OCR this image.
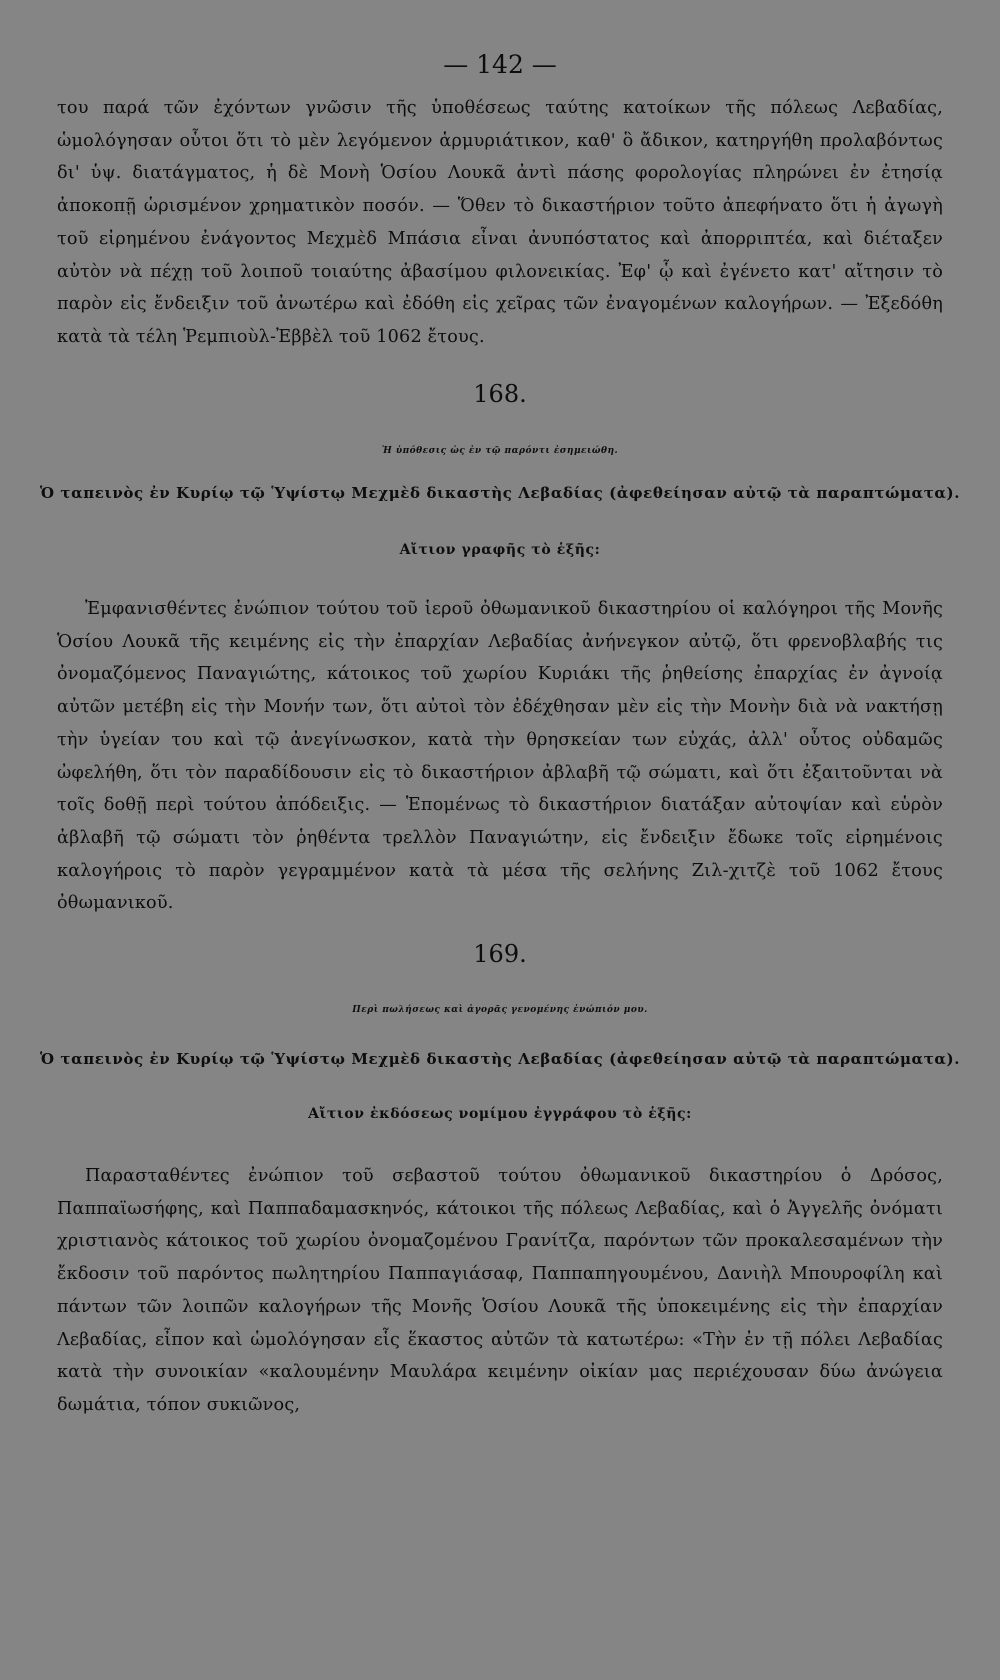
— 142 —

του παρά τῶν ἐχόντων γνῶσιν τῆς ὑποθέσεως ταύτης κατοίκων τῆς πόλεως Λεβαδίας, ὡμολόγησαν οὗτοι ὅτι τὸ μὲν λεγόμενον ἁρμυριάτικον, καθ' ὃ ἄδικον, κατηργήθη προλαβόντως δι' ὑψ. διατάγματος, ἡ δὲ Μονὴ Ὁσίου Λουκᾶ ἀντὶ πάσης φορολογίας πληρώνει ἐν ἐτησίᾳ ἀποκοπῇ ὡρισμένον χρηματικὸν ποσόν. — Ὅθεν τὸ δικαστήριον τοῦτο ἀπεφήνατο ὅτι ἡ ἀγωγὴ τοῦ εἰρημένου ἐνάγοντος Μεχμὲδ Μπάσια εἶναι ἀνυπόστατος καὶ ἀπορριπτέα, καὶ διέταξεν αὐτὸν νὰ πέχῃ τοῦ λοιποῦ τοιαύτης ἀβασίμου φιλονεικίας. Ἐφ' ᾧ καὶ ἐγένετο κατ' αἴτησιν τὸ παρὸν εἰς ἔνδειξιν τοῦ ἀνωτέρω καὶ ἐδόθη εἰς χεῖρας τῶν ἐναγομένων καλογήρων. — Ἐξεδόθη κατὰ τὰ τέλη Ῥεμπιοὺλ-Ἐββὲλ τοῦ 1062 ἔτους.

168.
Ἡ ὑπόθεσις ὡς ἐν τῷ παρόντι ἐσημειώθη.
Ὁ ταπεινὸς ἐν Κυρίῳ τῷ Ὑψίστῳ Μεχμὲδ δικαστὴς Λεβαδίας (ἀφεθείησαν αὐτῷ τὰ παραπτώματα).
Αἴτιον γραφῆς τὸ ἑξῆς:

Ἐμφανισθέντες ἐνώπιον τούτου τοῦ ἱεροῦ ὀθωμανικοῦ δικαστηρίου οἱ καλόγηροι τῆς Μονῆς Ὁσίου Λουκᾶ τῆς κειμένης εἰς τὴν ἐπαρχίαν Λεβαδίας ἀνήνεγκον αὐτῷ, ὅτι φρενοβλαβής τις ὀνομαζόμενος Παναγιώτης, κάτοικος τοῦ χωρίου Κυριάκι τῆς ῥηθείσης ἐπαρχίας ἐν ἀγνοίᾳ αὐτῶν μετέβη εἰς τὴν Μονήν των, ὅτι αὐτοὶ τὸν ἐδέχθησαν μὲν εἰς τὴν Μονὴν διὰ νὰ νακτήσῃ τὴν ὑγείαν του καὶ τῷ ἀνεγίνωσκον, κατὰ τὴν θρησκείαν των εὐχάς, ἀλλ' οὗτος οὐδαμῶς ὠφελήθη, ὅτι τὸν παραδίδουσιν εἰς τὸ δικαστήριον ἀβλαβῆ τῷ σώματι, καὶ ὅτι ἐξαιτοῦνται νὰ τοῖς δοθῇ περὶ τούτου ἀπόδειξις. — Ἑπομένως τὸ δικαστήριον διατάξαν αὐτοψίαν καὶ εὑρὸν ἀβλαβῆ τῷ σώματι τὸν ῥηθέντα τρελλὸν Παναγιώτην, εἰς ἔνδειξιν ἔδωκε τοῖς εἰρημένοις καλογήροις τὸ παρὸν γεγραμμένον κατὰ τὰ μέσα τῆς σελήνης Ζιλ-χιτζὲ τοῦ 1062 ἔτους ὀθωμανικοῦ.

169.
Περὶ πωλήσεως καὶ ἀγορᾶς γενομένης ἐνώπιόν μου.
Ὁ ταπεινὸς ἐν Κυρίῳ τῷ Ὑψίστῳ Μεχμὲδ δικαστὴς Λεβαδίας (ἀφεθείησαν αὐτῷ τὰ παραπτώματα).
Αἴτιον ἐκδόσεως νομίμου ἐγγράφου τὸ ἑξῆς:

Παρασταθέντες ἐνώπιον τοῦ σεβαστοῦ τούτου ὀθωμανικοῦ δικαστηρίου ὁ Δρόσος, Παππαϊωσήφης, καὶ Παππαδαμασκηνός, κάτοικοι τῆς πόλεως Λεβαδίας, καὶ ὁ Ἀγγελῆς ὀνόματι χριστιανὸς κάτοικος τοῦ χωρίου ὀνομαζομένου Γρανίτζα, παρόντων τῶν προκαλεσαμένων τὴν ἔκδοσιν τοῦ παρόντος πωλητηρίου Παππαγιάσαφ, Παππαπηγουμένου, Δανιὴλ Μπουροφίλη καὶ πάντων τῶν λοιπῶν καλογήρων τῆς Μονῆς Ὁσίου Λουκᾶ τῆς ὑποκειμένης εἰς τὴν ἐπαρχίαν Λεβαδίας, εἶπον καὶ ὡμολόγησαν εἷς ἕκαστος αὐτῶν τὰ κατωτέρω: «Τὴν ἐν τῇ πόλει Λεβαδίας κατὰ τὴν συνοικίαν «καλουμένην Μαυλάρα κειμένην οἰκίαν μας περιέχουσαν δύω ἀνώγεια δωμάτια, τόπον συκιῶνος,
